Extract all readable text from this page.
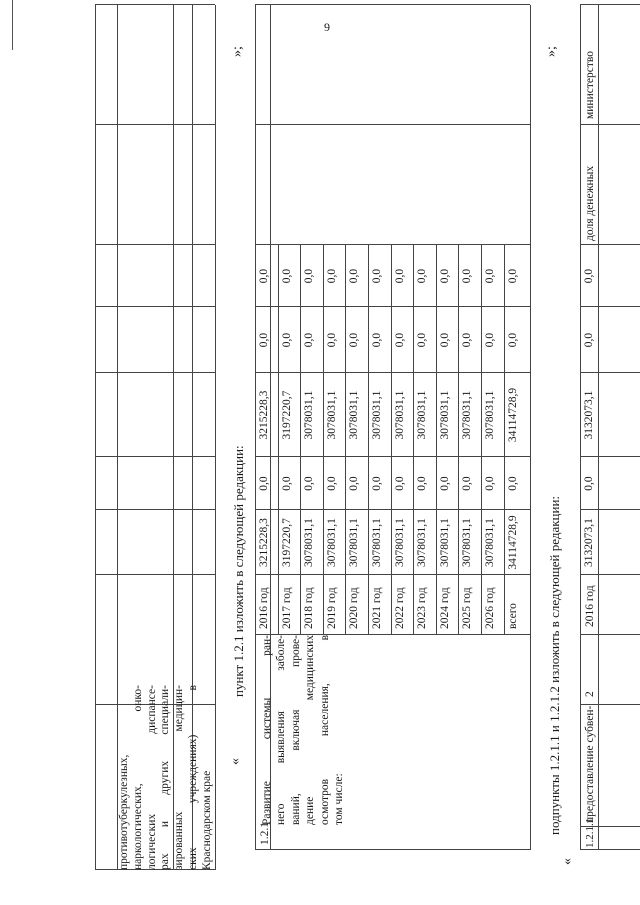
9
противотуберкулезных, наркологических, онко- логических диспансе- рах и других специали- зированных медицин- ских учреждениях) в Краснодарском крае
»;
«
пункт 1.2.1 изложить в следующей редакции:
1.2.1
Развитие системы ран- него выявления заболе- ваний, включая прове- дение медицинских осмотров населения, в том числе:
2016 год
3215228,3
0,0
3215228,3
0,0
0,0
2017 год
3197220,7
0,0
3197220,7
0,0
0,0
2018 год
3078031,1
0,0
3078031,1
0,0
0,0
2019 год
3078031,1
0,0
3078031,1
0,0
0,0
2020 год
3078031,1
0,0
3078031,1
0,0
0,0
2021 год
3078031,1
0,0
3078031,1
0,0
0,0
2022 год
3078031,1
0,0
3078031,1
0,0
0,0
2023 год
3078031,1
0,0
3078031,1
0,0
0,0
2024 год
3078031,1
0,0
3078031,1
0,0
0,0
2025 год
3078031,1
0,0
3078031,1
0,0
0,0
2026 год
3078031,1
0,0
3078031,1
0,0
0,0
всего
34114728,9
0,0
34114728,9
0,0
0,0
»;
«
подпункты 1.2.1.1 и 1.2.1.2 изложить в следующей редакции: 1.2.1.1
предоставление субвен-
2
2016 год
3132073,1
0,0
3132073,1
0,0
0,0
доля денежных
министерство
